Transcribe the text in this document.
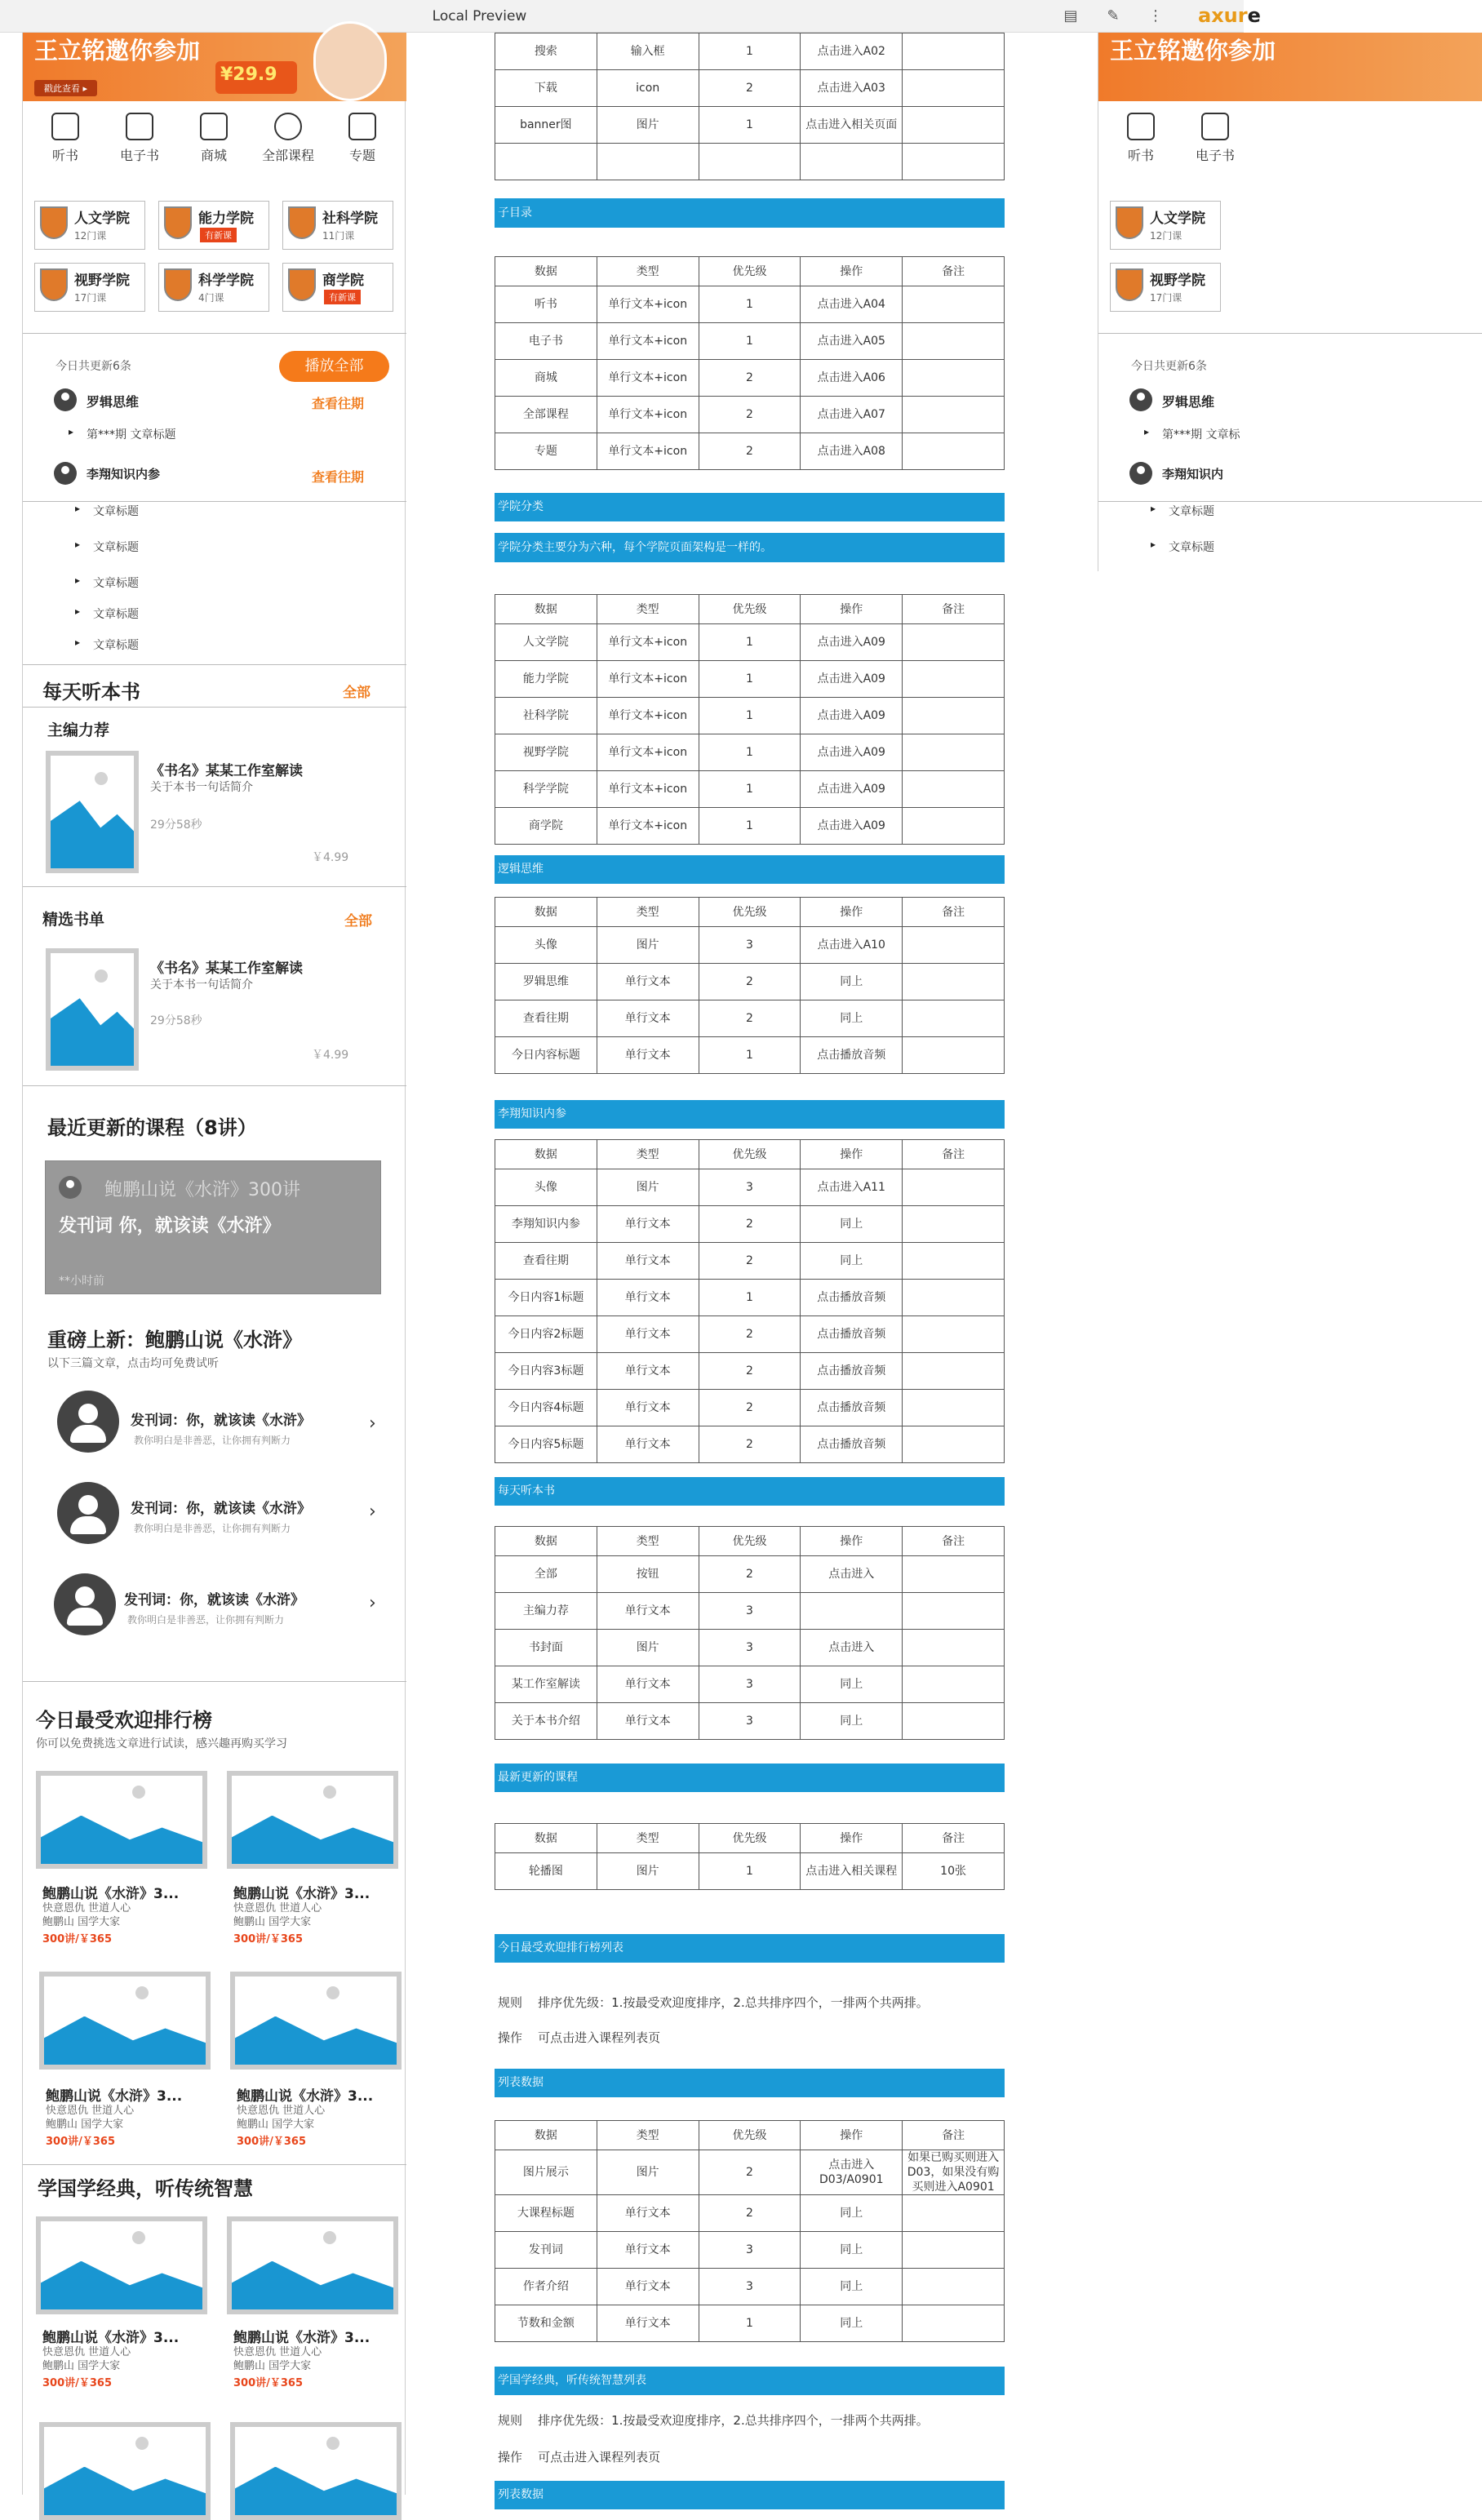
Local Preview	▤ ✎ ⋮ axure
王立铭邀你参加
戳此查看 ▸
¥29.9
听书	电子书	商城	全部课程	专题
人文学院
12门课
能力学院
有新课
社科学院
11门课
视野学院
17门课
科学学院
4门课
商学院
有新课
今日共更新6条	播放全部
罗辑思维	查看往期
▸ 第***期 文章标题
李翔知识内参	查看往期
▸ 文章标题
▸ 文章标题
▸ 文章标题
▸ 文章标题
▸ 文章标题
每天听本书	全部
主编力荐
《书名》某某工作室解读
关于本书一句话简介
29分58秒
￥4.99
精选书单	全部
《书名》某某工作室解读
关于本书一句话简介
29分58秒
￥4.99
最近更新的课程（8讲）
鲍鹏山说《水浒》300讲
发刊词 你，就该读《水浒》
**小时前
重磅上新：鲍鹏山说《水浒》
以下三篇文章，点击均可免费试听
发刊词：你，就该读《水浒》
教你明白是非善恶，让你拥有判断力
›
发刊词：你，就该读《水浒》
教你明白是非善恶，让你拥有判断力
›
发刊词：你，就该读《水浒》
教你明白是非善恶，让你拥有判断力
›
今日最受欢迎排行榜
你可以免费挑选文章进行试读，感兴趣再购买学习
鲍鹏山说《水浒》3...
快意恩仇 世道人心
鲍鹏山 国学大家
300讲/￥365
鲍鹏山说《水浒》3...
快意恩仇 世道人心
鲍鹏山 国学大家
300讲/￥365
鲍鹏山说《水浒》3...
快意恩仇 世道人心
鲍鹏山 国学大家
300讲/￥365
鲍鹏山说《水浒》3...
快意恩仇 世道人心
鲍鹏山 国学大家
300讲/￥365
学国学经典，听传统智慧
鲍鹏山说《水浒》3...
快意恩仇 世道人心
鲍鹏山 国学大家
300讲/￥365
鲍鹏山说《水浒》3...
快意恩仇 世道人心
鲍鹏山 国学大家
300讲/￥365
王立铭邀你参加
听书	电子书
人文学院
12门课
视野学院
17门课
今日共更新6条
罗辑思维
▸ 第***期 文章标
李翔知识内
▸ 文章标题
▸ 文章标题
搜索	输入框	1	点击进入A02	
下载	icon	2	点击进入A03	
banner图	图片	1	点击进入相关页面	

子目录
数据	类型	优先级	操作	备注
听书	单行文本+icon	1	点击进入A04	
电子书	单行文本+icon	1	点击进入A05	
商城	单行文本+icon	2	点击进入A06	
全部课程	单行文本+icon	2	点击进入A07	
专题	单行文本+icon	2	点击进入A08	
学院分类
学院分类主要分为六种，每个学院页面架构是一样的。
数据	类型	优先级	操作	备注
人文学院	单行文本+icon	1	点击进入A09	
能力学院	单行文本+icon	1	点击进入A09	
社科学院	单行文本+icon	1	点击进入A09	
视野学院	单行文本+icon	1	点击进入A09	
科学学院	单行文本+icon	1	点击进入A09	
商学院	单行文本+icon	1	点击进入A09	
逻辑思维
数据	类型	优先级	操作	备注
头像	图片	3	点击进入A10	
罗辑思维	单行文本	2	同上	
查看往期	单行文本	2	同上	
今日内容标题	单行文本	1	点击播放音频	
李翔知识内参
数据	类型	优先级	操作	备注
头像	图片	3	点击进入A11	
李翔知识内参	单行文本	2	同上	
查看往期	单行文本	2	同上	
今日内容1标题	单行文本	1	点击播放音频	
今日内容2标题	单行文本	2	点击播放音频	
今日内容3标题	单行文本	2	点击播放音频	
今日内容4标题	单行文本	2	点击播放音频	
今日内容5标题	单行文本	2	点击播放音频	
每天听本书
数据	类型	优先级	操作	备注
全部	按钮	2	点击进入	
主编力荐	单行文本	3		
书封面	图片	3	点击进入	
某工作室解读	单行文本	3	同上	
关于本书介绍	单行文本	3	同上	
最新更新的课程
数据	类型	优先级	操作	备注
轮播图	图片	1	点击进入相关课程	10张
今日最受欢迎排行榜列表
规则 排序优先级：1.按最受欢迎度排序，2.总共排序四个，一排两个共两排。
操作 可点击进入课程列表页
列表数据
数据	类型	优先级	操作	备注
图片展示	图片	2	点击进入D03/A0901	如果已购买则进入D03，如果没有购买则进入A0901
大课程标题	单行文本	2	同上	
发刊词	单行文本	3	同上	
作者介绍	单行文本	3	同上	
节数和金额	单行文本	1	同上	
学国学经典，听传统智慧列表
规则 排序优先级：1.按最受欢迎度排序，2.总共排序四个，一排两个共两排。
操作 可点击进入课程列表页
列表数据
